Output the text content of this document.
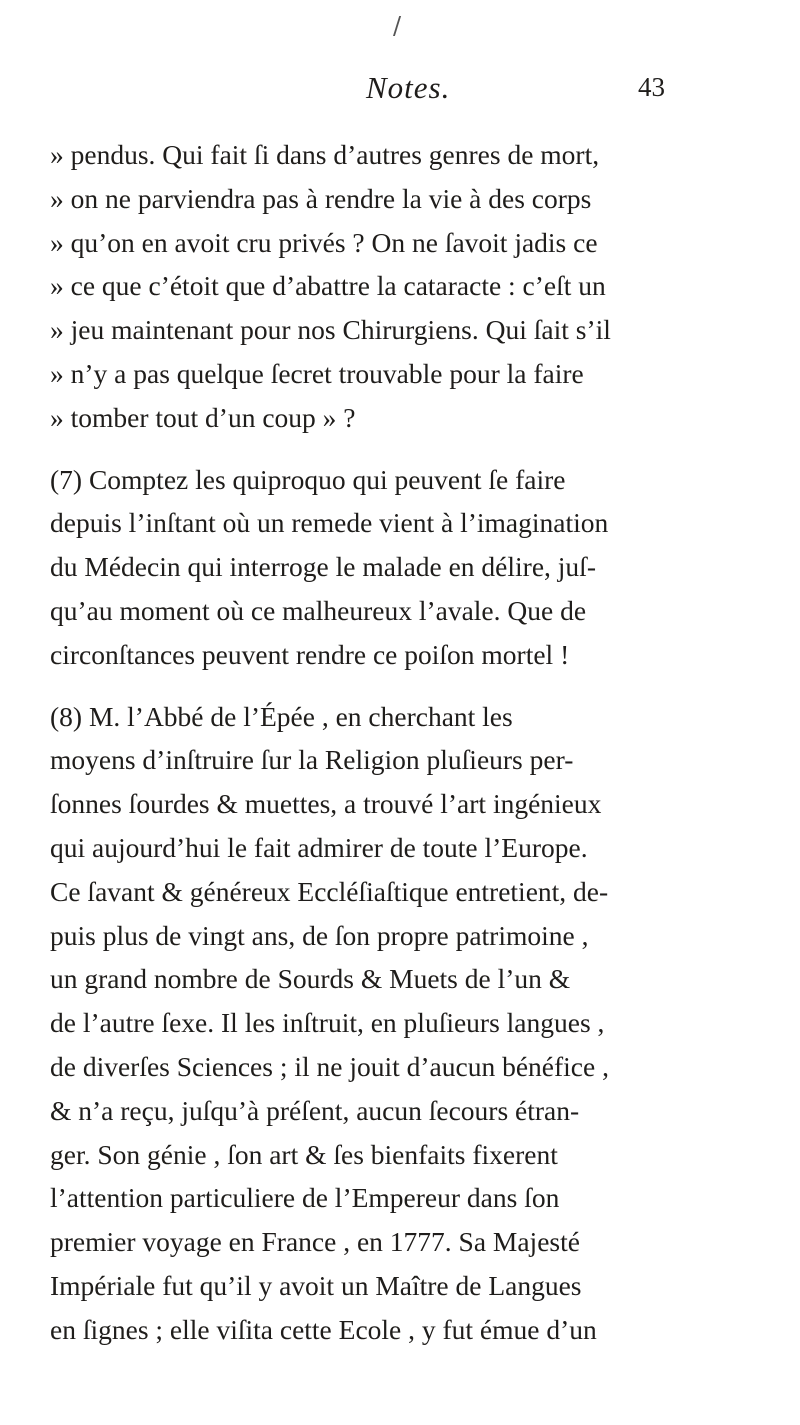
/
Notes.	43
» pendus. Qui fait ſi dans d’autres genres de mort,
» on ne parviendra pas à rendre la vie à des corps
» qu’on en avoit cru privés ? On ne ſavoit jadis ce
» ce que c’étoit que d’abattre la cataracte : c’eſt un
» jeu maintenant pour nos Chirurgiens. Qui ſait s’il
» n’y a pas quelque ſecret trouvable pour la faire
» tomber tout d’un coup » ?
(7) Comptez les quiproquo qui peuvent ſe faire
depuis l’inſtant où un remede vient à l’imagination
du Médecin qui interroge le malade en délire, juſ-
qu’au moment où ce malheureux l’avale. Que de
circonſtances peuvent rendre ce poiſon mortel !
(8) M. l’Abbé de l’Épée , en cherchant les
moyens d’inſtruire ſur la Religion pluſieurs per-
ſonnes ſourdes & muettes, a trouvé l’art ingénieux
qui aujourd’hui le fait admirer de toute l’Europe.
Ce ſavant & généreux Eccléſiaſtique entretient, de-
puis plus de vingt ans, de ſon propre patrimoine ,
un grand nombre de Sourds & Muets de l’un &
de l’autre ſexe. Il les inſtruit, en pluſieurs langues ,
de diverſes Sciences ; il ne jouit d’aucun bénéfice ,
& n’a reçu, juſqu’à préſent, aucun ſecours étran-
ger. Son génie , ſon art & ſes bienfaits fixerent
l’attention particuliere de l’Empereur dans ſon
premier voyage en France , en 1777. Sa Majesté
Impériale fut qu’il y avoit un Maître de Langues
en ſignes ; elle viſita cette Ecole , y fut émue d’un
